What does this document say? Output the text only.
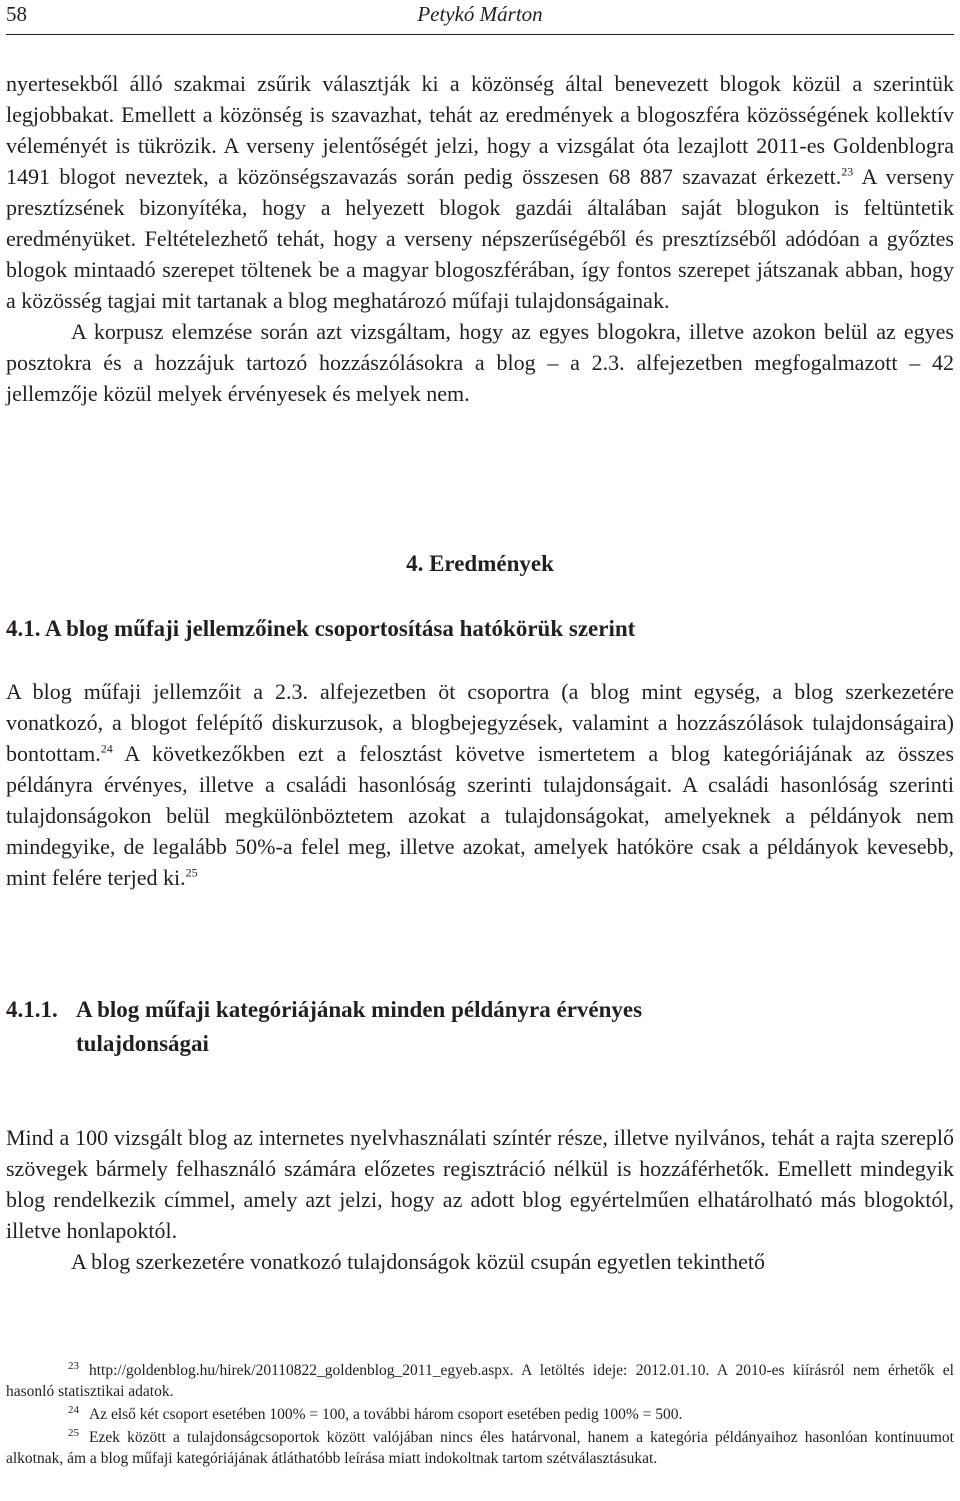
58	Petykó Márton

nyertesekből álló szakmai zsűrik választják ki a közönség által benevezett blogok közül a szerintük legjobbakat. Emellett a közönség is szavazhat, tehát az eredmények a blogoszféra közösségének kollektív véleményét is tükrözik. A verseny jelentőségét jelzi, hogy a vizsgálat óta lezajlott 2011-es Goldenblogra 1491 blogot neveztek, a közönségszavazás során pedig összesen 68 887 szavazat érkezett.$^{23}$ A verseny presztízsének bizonyítéka, hogy a helyezett blogok gazdái általában saját blogukon is feltüntetik eredményüket. Feltételezhető tehát, hogy a verseny népszerűségéből és presztízséből adódóan a győztes blogok mintaadó szerepet töltenek be a magyar blogoszférában, így fontos szerepet játszanak abban, hogy a közösség tagjai mit tartanak a blog meghatározó műfaji tulajdonságainak.

A korpusz elemzése során azt vizsgáltam, hogy az egyes blogokra, illetve azokon belül az egyes posztokra és a hozzájuk tartozó hozzászólásokra a blog – a 2.3. alfejezetben megfogalmazott – 42 jellemzője közül melyek érvényesek és melyek nem.

4. Eredmények
4.1. A blog műfaji jellemzőinek csoportosítása hatókörük szerint

A blog műfaji jellemzőit a 2.3. alfejezetben öt csoportra (a blog mint egység, a blog szerkezetére vonatkozó, a blogot felépítő diskurzusok, a blogbejegyzések, valamint a hozzászólások tulajdonságaira) bontottam.$^{24}$ A következőkben ezt a felosztást követve ismertetem a blog kategóriájának az összes példányra érvényes, illetve a családi hasonlóság szerinti tulajdonságait. A családi hasonlóság szerinti tulajdonságokon belül megkülönböztetem azokat a tulajdonságokat, amelyeknek a példányok nem mindegyike, de legalább 50%-a felel meg, illetve azokat, amelyek hatóköre csak a példányok kevesebb, mint felére terjed ki.$^{25}$

4.1.1. A blog műfaji kategóriájának minden példányra érvényes
tulajdonságai

Mind a 100 vizsgált blog az internetes nyelvhasználati színtér része, illetve nyilvános, tehát a rajta szereplő szövegek bármely felhasználó számára előzetes regisztráció nélkül is hozzáférhetők. Emellett mindegyik blog rendelkezik címmel, amely azt jelzi, hogy az adott blog egyértelműen elhatárolható más blogoktól, illetve honlapoktól.

A blog szerkezetére vonatkozó tulajdonságok közül csupán egyetlen tekinthető

$^{23}$ http://goldenblog.hu/hirek/20110822_goldenblog_2011_egyeb.aspx. A letöltés ideje: 2012.01.10. A 2010-es kiírásról nem érhetők el hasonló statisztikai adatok.

$^{24}$ Az első két csoport esetében 100% = 100, a további három csoport esetében pedig 100% = 500.

$^{25}$ Ezek között a tulajdonságcsoportok között valójában nincs éles határvonal, hanem a kategória példányaihoz hasonlóan kontinuumot alkotnak, ám a blog műfaji kategóriájának átláthatóbb leírása miatt indokoltnak tartom szétválasztásukat.
